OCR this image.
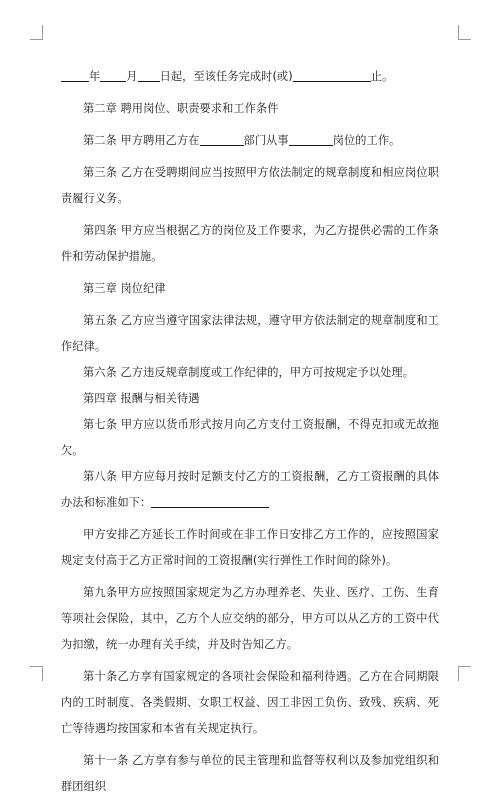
年 月 日起，至该任务完成时(或)	止。

第二章 聘用岗位、职责要求和工作条件

第二条 甲方聘用乙方在	部门从事	岗位的工作。

第三条 乙方在受聘期间应当按照甲方依法制定的规章制度和相应岗位职责履行义务。

第四条 甲方应当根据乙方的岗位及工作要求，为乙方提供必需的工作条件和劳动保护措施。

第三章 岗位纪律

第五条 乙方应当遵守国家法律法规，遵守甲方依法制定的规章制度和工作纪律。

第六条 乙方违反规章制度或工作纪律的，甲方可按规定予以处理。

第四章 报酬与相关待遇

第七条 甲方应以货币形式按月向乙方支付工资报酬，不得克扣或无故拖欠。

第八条 甲方应每月按时足额支付乙方的工资报酬，乙方工资报酬的具体办法和标准如下：

甲方安排乙方延长工作时间或在非工作日安排乙方工作的，应按照国家规定支付高于乙方正常时间的工资报酬(实行弹性工作时间的除外)。

第九条甲方应按照国家规定为乙方办理养老、失业、医疗、工伤、生育等项社会保险，其中，乙方个人应交纳的部分，甲方可以从乙方的工资中代为扣缴，统一办理有关手续，并及时告知乙方。

第十条乙方享有国家规定的各项社会保险和福利待遇。乙方在合同期限内的工时制度、各类假期、女职工权益、因工非因工负伤、致残、疾病、死亡等待遇均按国家和本省有关规定执行。

第十一条 乙方享有参与单位的民主管理和监督等权利以及参加党组织和群团组织
